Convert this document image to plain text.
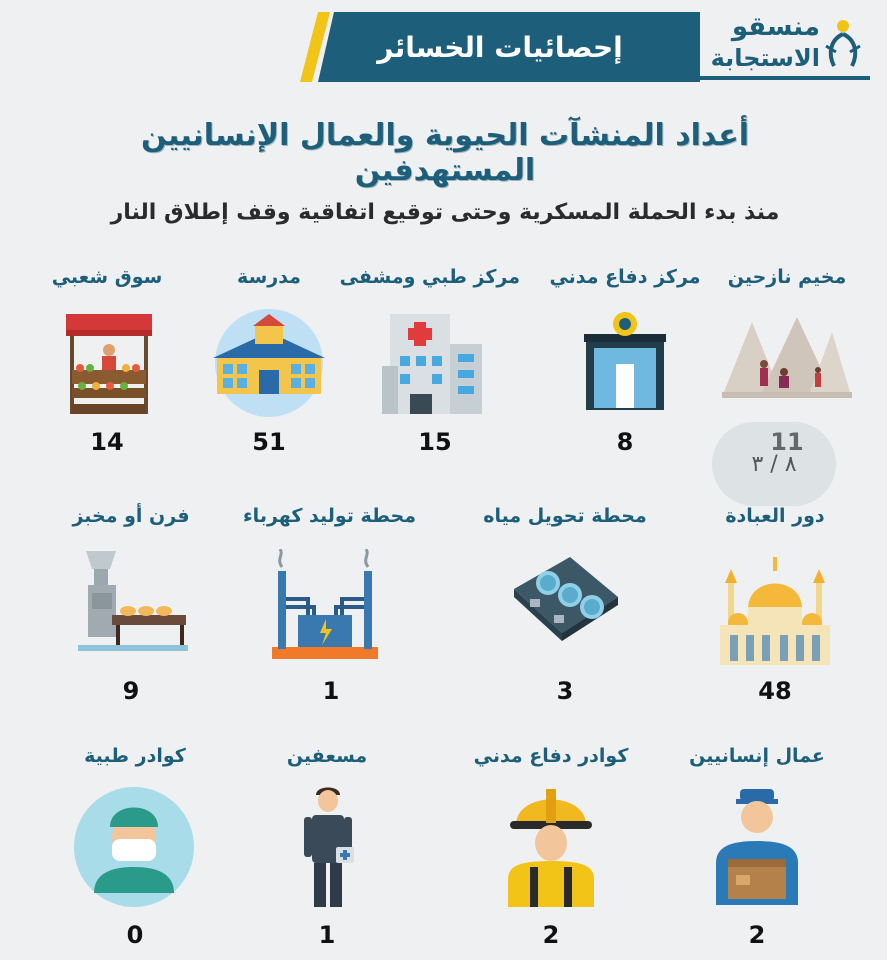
إحصائيات الخسائر
منسقو
الاستجابة
أعداد المنشآت الحيوية والعمال الإنسانيين المستهدفين
منذ بدء الحملة المسكرية وحتى توقيع اتفاقية وقف إطلاق النار
مخيم نازحين
11
مركز دفاع مدني
8
مركز طبي ومشفى
15
مدرسة
51
سوق شعبي
14
٨ / ٣
دور العبادة
48
محطة تحويل مياه
3
محطة توليد كهرباء
1
فرن أو مخبز
9
عمال إنسانيين
2
كوادر دفاع مدني
2
مسعفين
1
كوادر طبية
0
